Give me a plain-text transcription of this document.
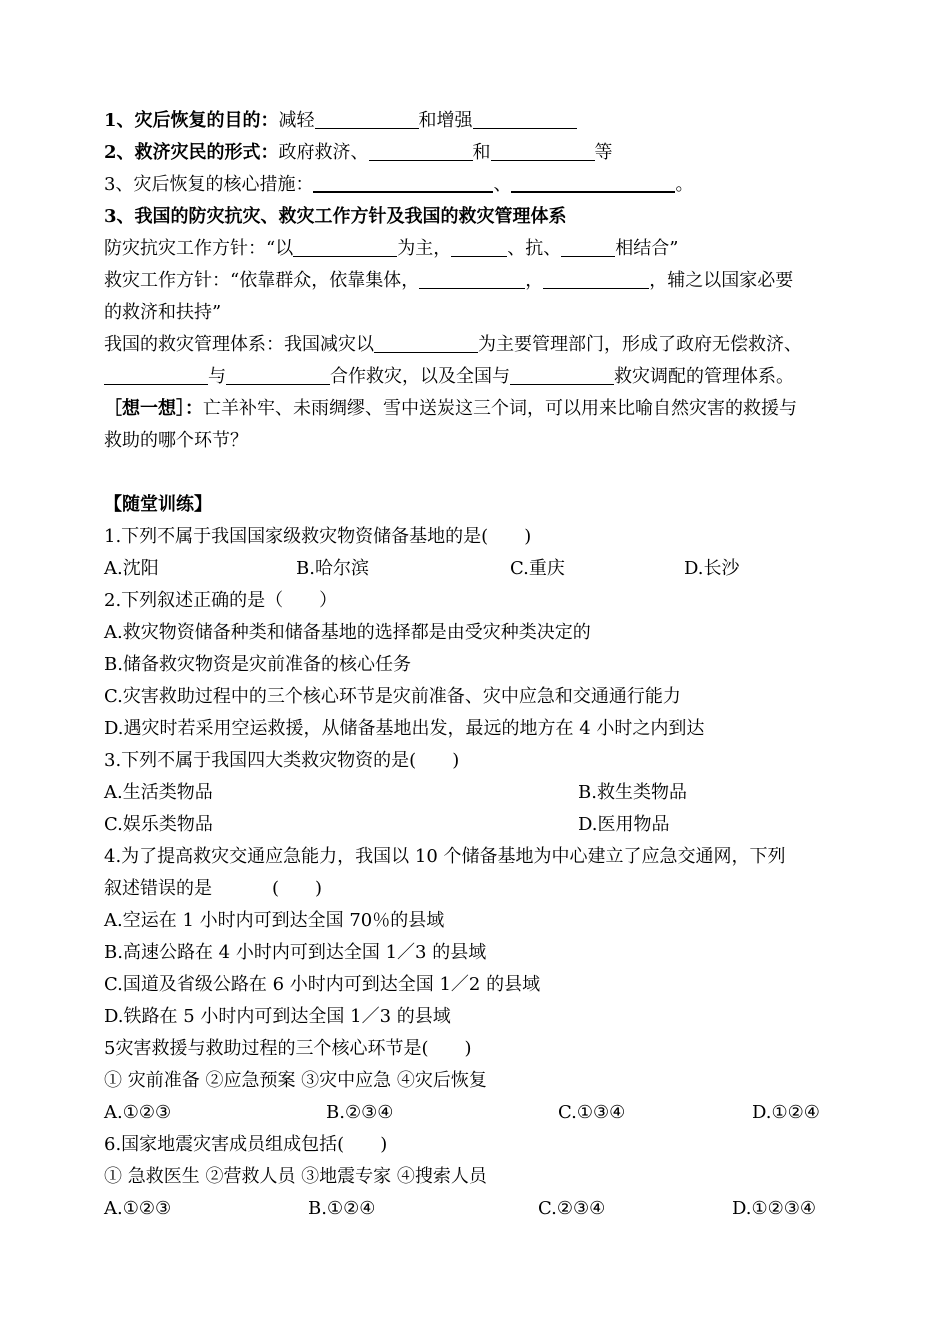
1、灾后恢复的目的：减轻	和增强
2、救济灾民的形式：政府救济、	和	等
3、灾后恢复的核心措施：	、	。
3、我国的防灾抗灾、救灾工作方针及我国的救灾管理体系
防灾抗灾工作方针：“以	为主，	、抗、	相结合”
救灾工作方针：“依靠群众，依靠集体，	，	，辅之以国家必要
的救济和扶持”
我国的救灾管理体系：我国减灾以	为主要管理部门，形成了政府无偿救济、
与	合作救灾，以及全国与	救灾调配的管理体系。
［想一想］：亡羊补牢、未雨绸缪、雪中送炭这三个词，可以用来比喻自然灾害的救援与
救助的哪个环节？
【随堂训练】
1.下列不属于我国国家级救灾物资储备基地的是(　　)
A.沈阳	B.哈尔滨	C.重庆	D.长沙
2.下列叙述正确的是（　　）
A.救灾物资储备种类和储备基地的选择都是由受灾种类决定的
B.储备救灾物资是灾前准备的核心任务
C.灾害救助过程中的三个核心环节是灾前准备、灾中应急和交通通行能力
D.遇灾时若采用空运救援，从储备基地出发，最远的地方在 4 小时之内到达
3.下列不属于我国四大类救灾物资的是(　　)
A.生活类物品	B.救生类物品
C.娱乐类物品	D.医用物品
4.为了提高救灾交通应急能力，我国以 10 个储备基地为中心建立了应急交通网，下列
叙述错误的是	(　　)
A.空运在 1 小时内可到达全国 70％的县域
B.高速公路在 4 小时内可到达全国 1／3 的县域
C.国道及省级公路在 6 小时内可到达全国 1／2 的县域
D.铁路在 5 小时内可到达全国 1／3 的县域
5灾害救援与救助过程的三个核心环节是(　　)
① 灾前准备 ②应急预案 ③灾中应急 ④灾后恢复
A.①②③	B.②③④	C.①③④	D.①②④
6.国家地震灾害成员组成包括(　　)
① 急救医生 ②营救人员 ③地震专家 ④搜索人员
A.①②③	B.①②④	C.②③④	D.①②③④
